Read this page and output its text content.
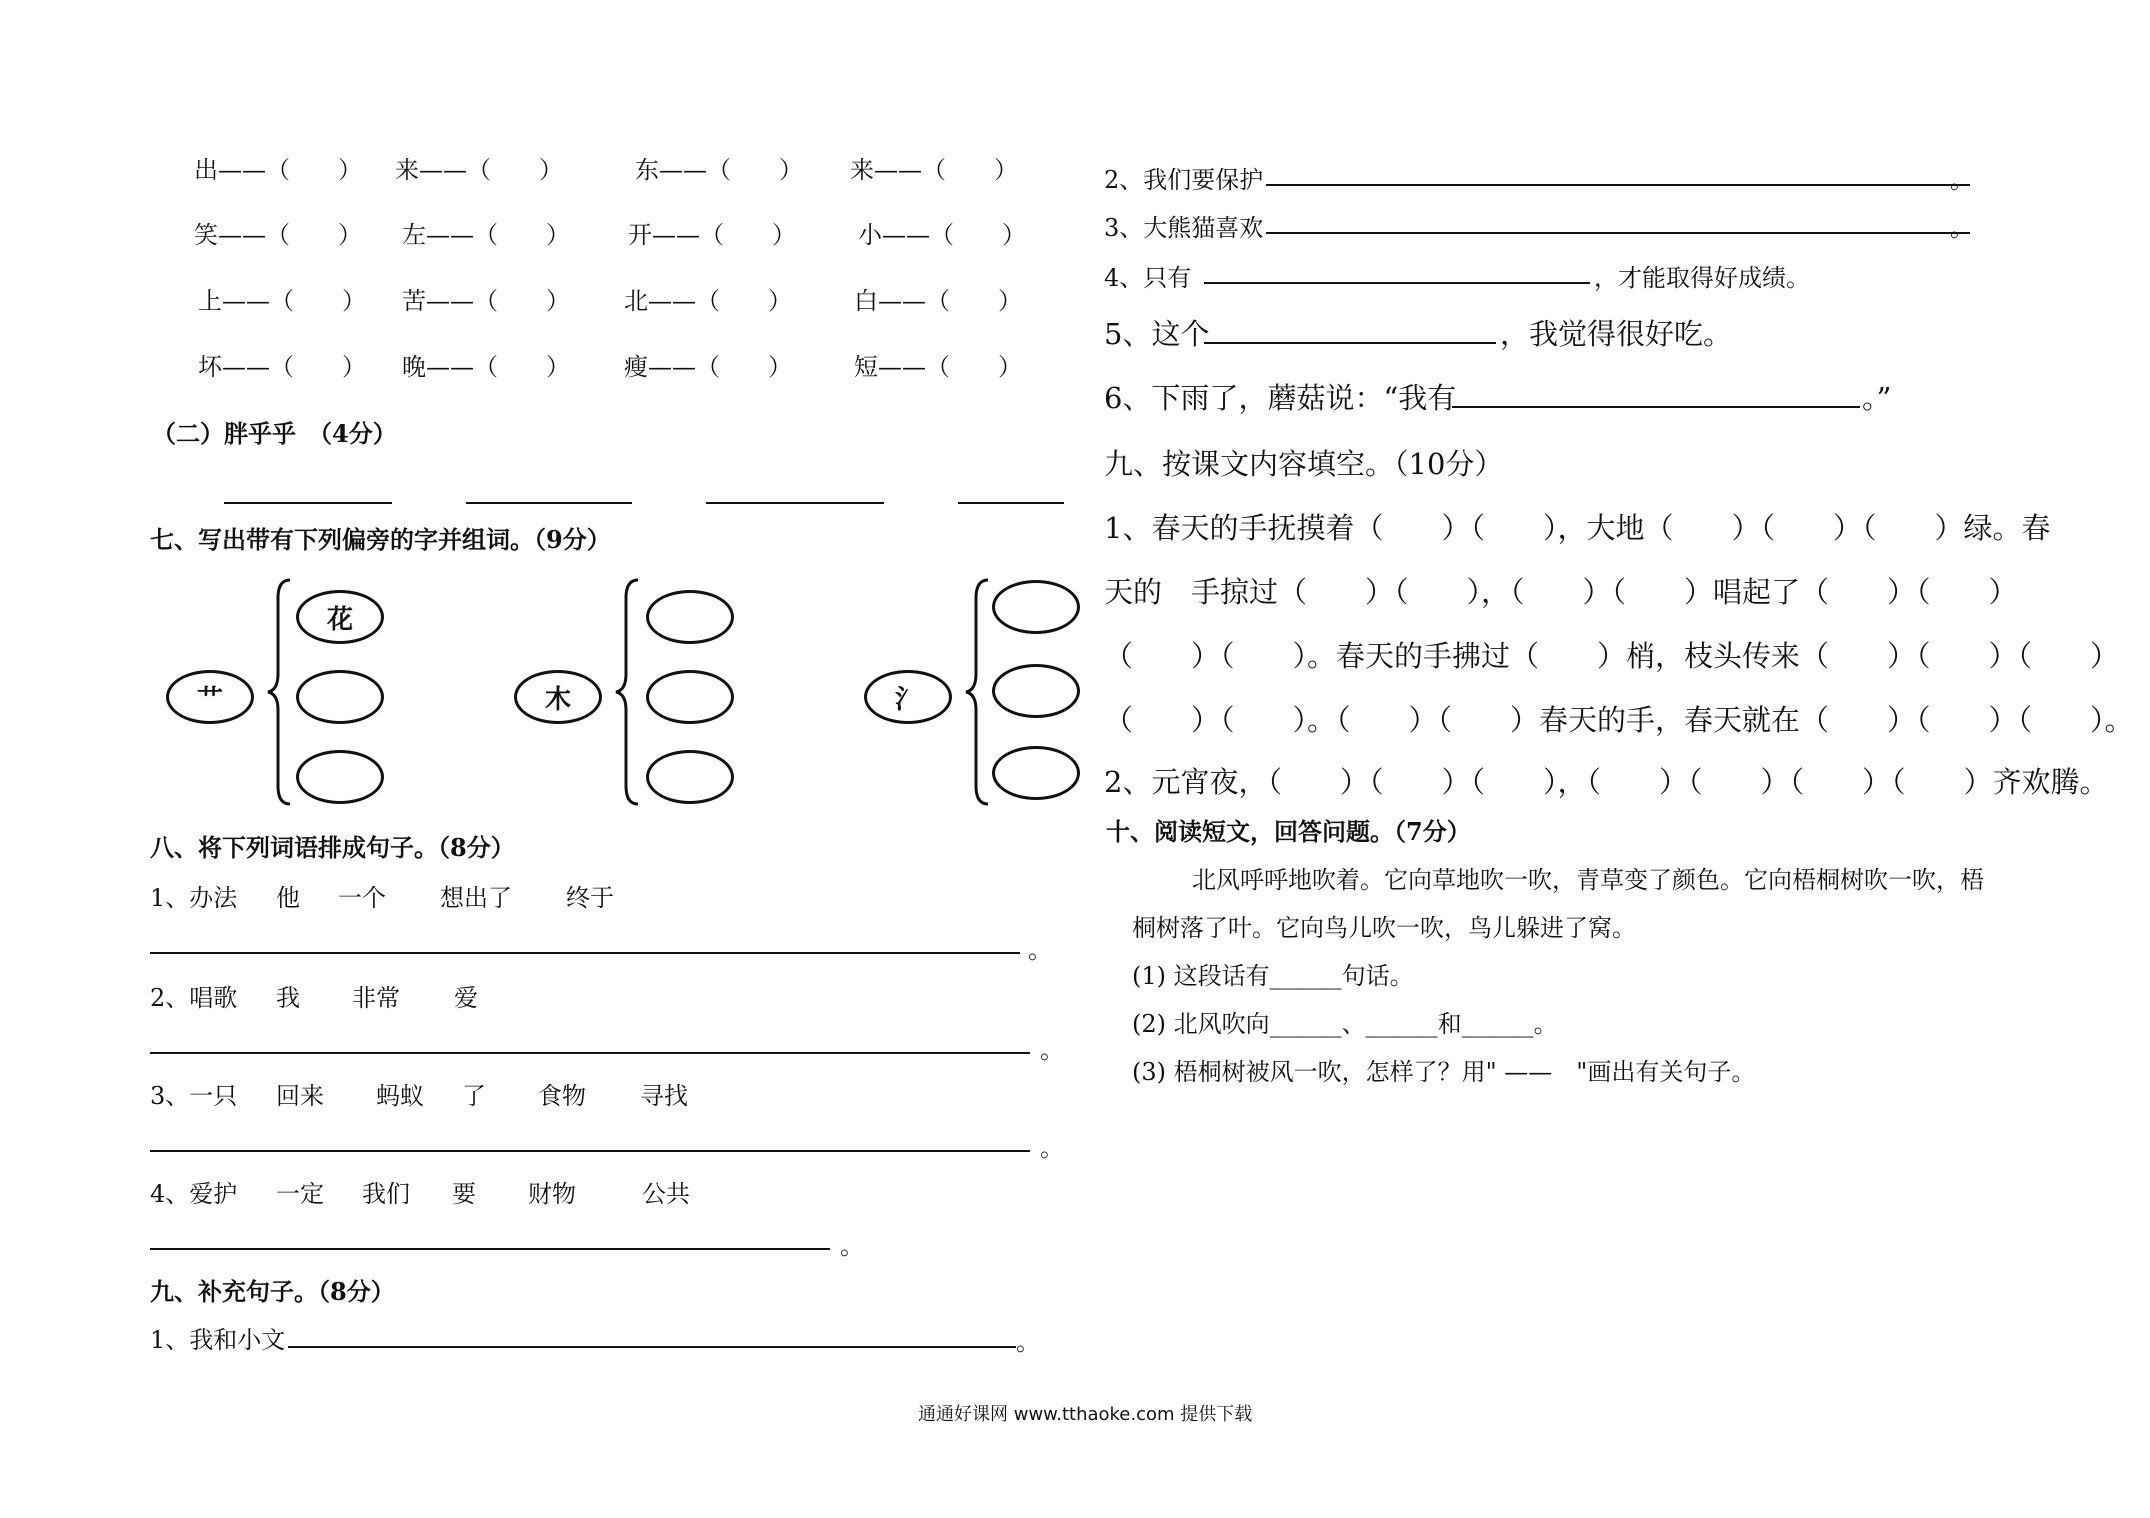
出——（　　） 来——（　　）	东——（　　） 来——（　　）
笑——（　　） 左——（　　） 开——（　　）	小——（　　）
上——（　　） 苦——（　　） 北——（　　）	白——（　　）
坏——（　　） 晚——（　　） 瘦——（　　）	短——（　　）
（二）胖乎乎　（4分）
七、写出带有下列偏旁的字并组词。（9分）
艹
花
木	氵
八、将下列词语排成句子。（8分）
1、办法 他 一个 想出了 终于
。
2、唱歌 我 非常 爱
。
3、一只 回来 蚂蚁 了 食物 寻找
。
4、爱护 一定 我们 要 财物	公共
。
九、补充句子。（8分）
1、我和小文	。
2、我们要保护	。
3、大熊猫喜欢	。
4、只有	，才能取得好成绩。
5、这个	，我觉得很好吃。
6、下雨了，蘑菇说：“我有	。”
九、按课文内容填空。（10分）
1、春天的手抚摸着（　　）（　　），大地（　　）（　　）（　　）绿。春
天的　手掠过（　　）（　　），（　　）（　　）唱起了（　　）（　　）
（　　）（　　）。春天的手拂过（　　）梢，枝头传来（　　）（　　）（　　）
（　　）（　　）。（　　）（　　）春天的手，春天就在（　　）（　　）（　　）。
2、元宵夜，（　　）（　　）（　　），（　　）（　　）（　　）（　　）齐欢腾。
十、阅读短文，回答问题。（7分）
北风呼呼地吹着。它向草地吹一吹，青草变了颜色。它向梧桐树吹一吹，梧
桐树落了叶。它向鸟儿吹一吹，鸟儿躲进了窝。
(1) 这段话有______句话。
(2) 北风吹向______、______和______。
(3) 梧桐树被风一吹，怎样了？用" ——　"画出有关句子。
通通好课网 www.tthaoke.com 提供下载
